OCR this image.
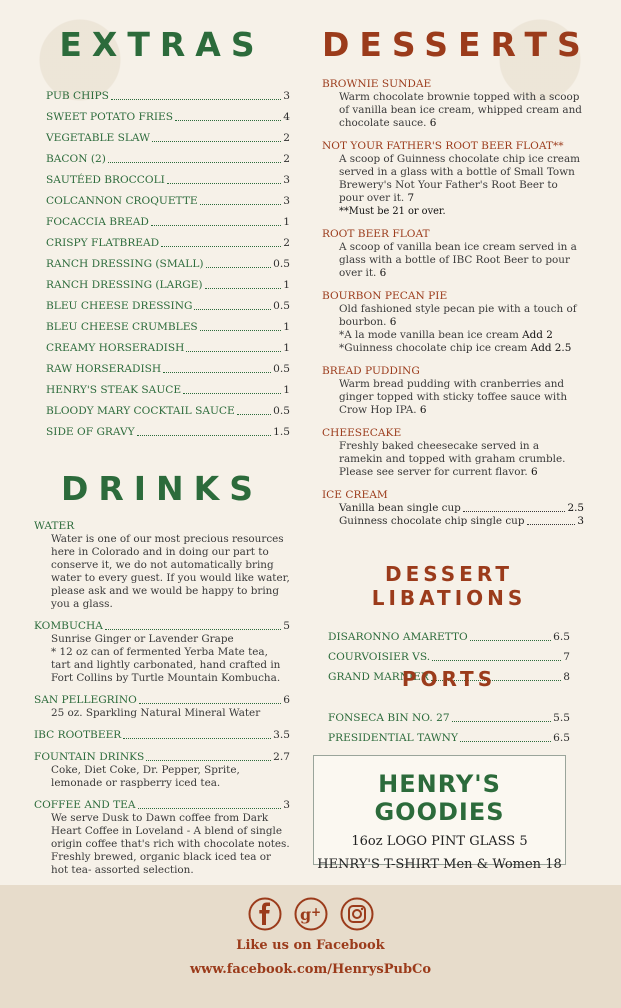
EXTRAS
PUB CHIPS	3
SWEET POTATO FRIES	4
VEGETABLE SLAW	2
BACON (2)	2
SAUTÉED BROCCOLI	3
COLCANNON CROQUETTE	3
FOCACCIA BREAD	1
CRISPY FLATBREAD	2
RANCH DRESSING (SMALL)	0.5
RANCH DRESSING (LARGE)	1
BLEU CHEESE DRESSING	0.5
BLEU CHEESE CRUMBLES	1
CREAMY HORSERADISH	1
RAW HORSERADISH	0.5
HENRY'S STEAK SAUCE	1
BLOODY MARY COCKTAIL SAUCE	0.5
SIDE OF GRAVY	1.5
DRINKS
WATER
Water is one of our most precious resources here in Colorado and in doing our part to conserve it, we do not automatically bring water to every guest. If you would like water, please ask and we would be happy to bring you a glass.
KOMBUCHA	5
Sunrise Ginger or Lavender Grape
* 12 oz can of fermented Yerba Mate tea, tart and lightly carbonated, hand crafted in Fort Collins by Turtle Mountain Kombucha.
SAN PELLEGRINO	6
25 oz. Sparkling Natural Mineral Water
IBC ROOTBEER	3.5
FOUNTAIN DRINKS	2.7
Coke, Diet Coke, Dr. Pepper, Sprite, lemonade or raspberry iced tea.
COFFEE AND TEA	3
We serve Dusk to Dawn coffee from Dark Heart Coffee in Loveland - A blend of single origin coffee that's rich with chocolate notes. Freshly brewed, organic black iced tea or hot tea- assorted selection.
DESSERTS
BROWNIE SUNDAE
Warm chocolate brownie topped with a scoop of vanilla bean ice cream, whipped cream and chocolate sauce. 6
NOT YOUR FATHER'S ROOT BEER FLOAT**
A scoop of Guinness chocolate chip ice cream served in a glass with a bottle of Small Town Brewery's Not Your Father's Root Beer to pour over it. 7
**Must be 21 or over.
ROOT BEER FLOAT
A scoop of vanilla bean ice cream served in a glass with a bottle of IBC Root Beer to pour over it. 6
BOURBON PECAN PIE
Old fashioned style pecan pie with a touch of bourbon. 6
*A la mode vanilla bean ice cream Add 2
*Guinness chocolate chip ice cream Add 2.5
BREAD PUDDING
Warm bread pudding with cranberries and ginger topped with sticky toffee sauce with Crow Hop IPA. 6
CHEESECAKE
Freshly baked cheesecake served in a ramekin and topped with graham crumble. Please see server for current flavor. 6
ICE CREAM
Vanilla bean single cup	2.5
Guinness chocolate chip single cup	3
DESSERT LIBATIONS
DISARONNO AMARETTO	6.5
COURVOISIER VS.	7
GRAND MARNIER	8
PORTS
FONSECA BIN NO. 27	5.5
PRESIDENTIAL TAWNY	6.5
HENRY'S GOODIES
16oz LOGO PINT GLASS 5
HENRY'S T-SHIRT Men & Women 18
g +
Like us on Facebook
www.facebook.com/HenrysPubCo
